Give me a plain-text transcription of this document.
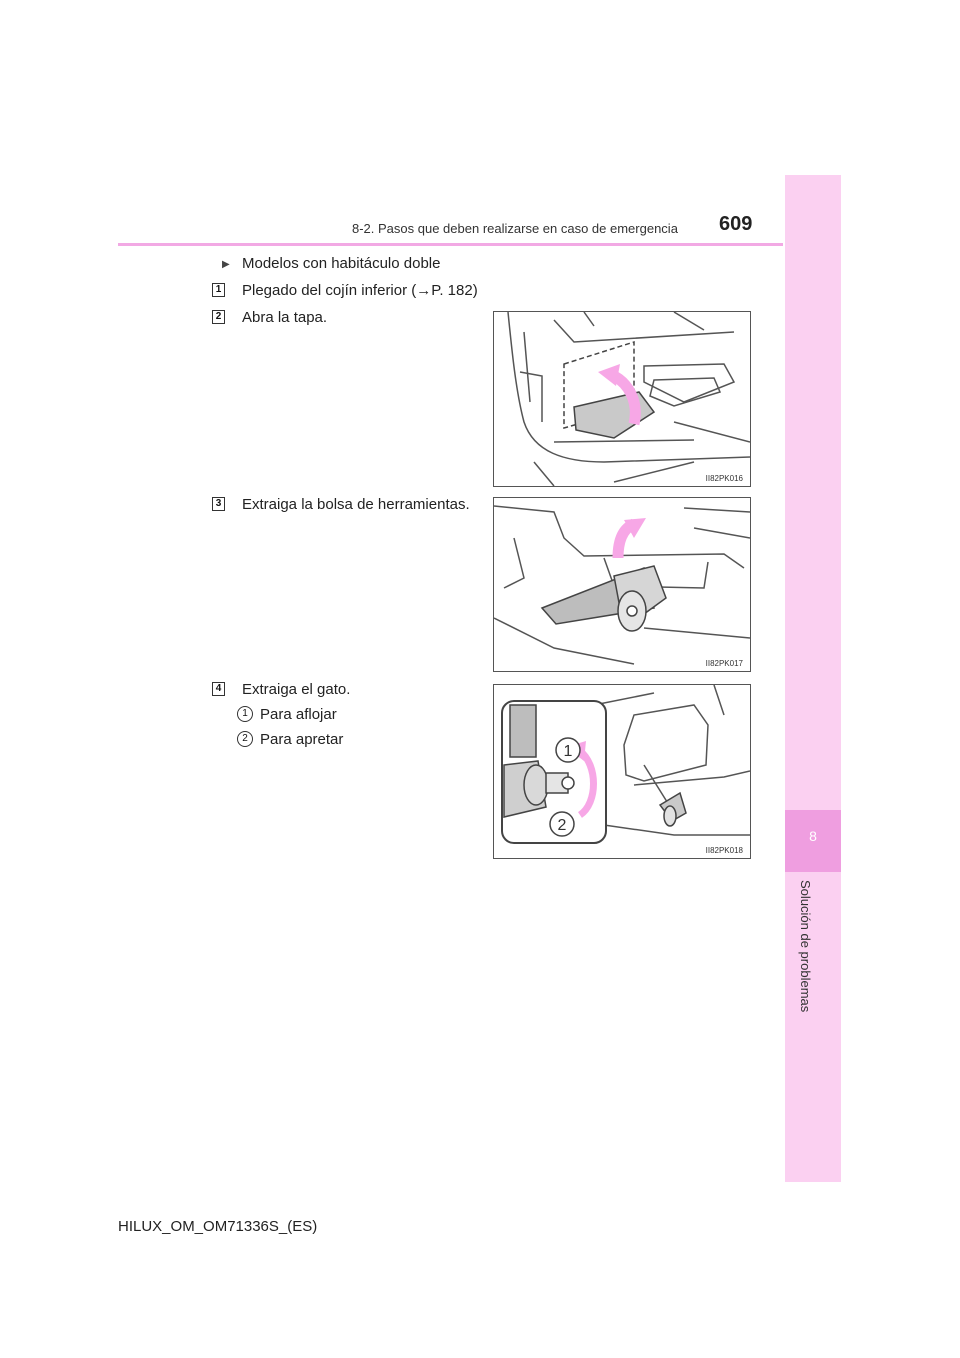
8-2. Pasos que deben realizarse en caso de emergencia 609
8
Solución de problemas
▶ Modelos con habitáculo doble
1 Plegado del cojín inferior (→P. 182)
2 Abra la tapa.
II82PK016
3 Extraiga la bolsa de herramientas.
II82PK017
4 Extraiga el gato.
1 Para aflojar
2 Para apretar
1
2
II82PK018
HILUX_OM_OM71336S_(ES)
